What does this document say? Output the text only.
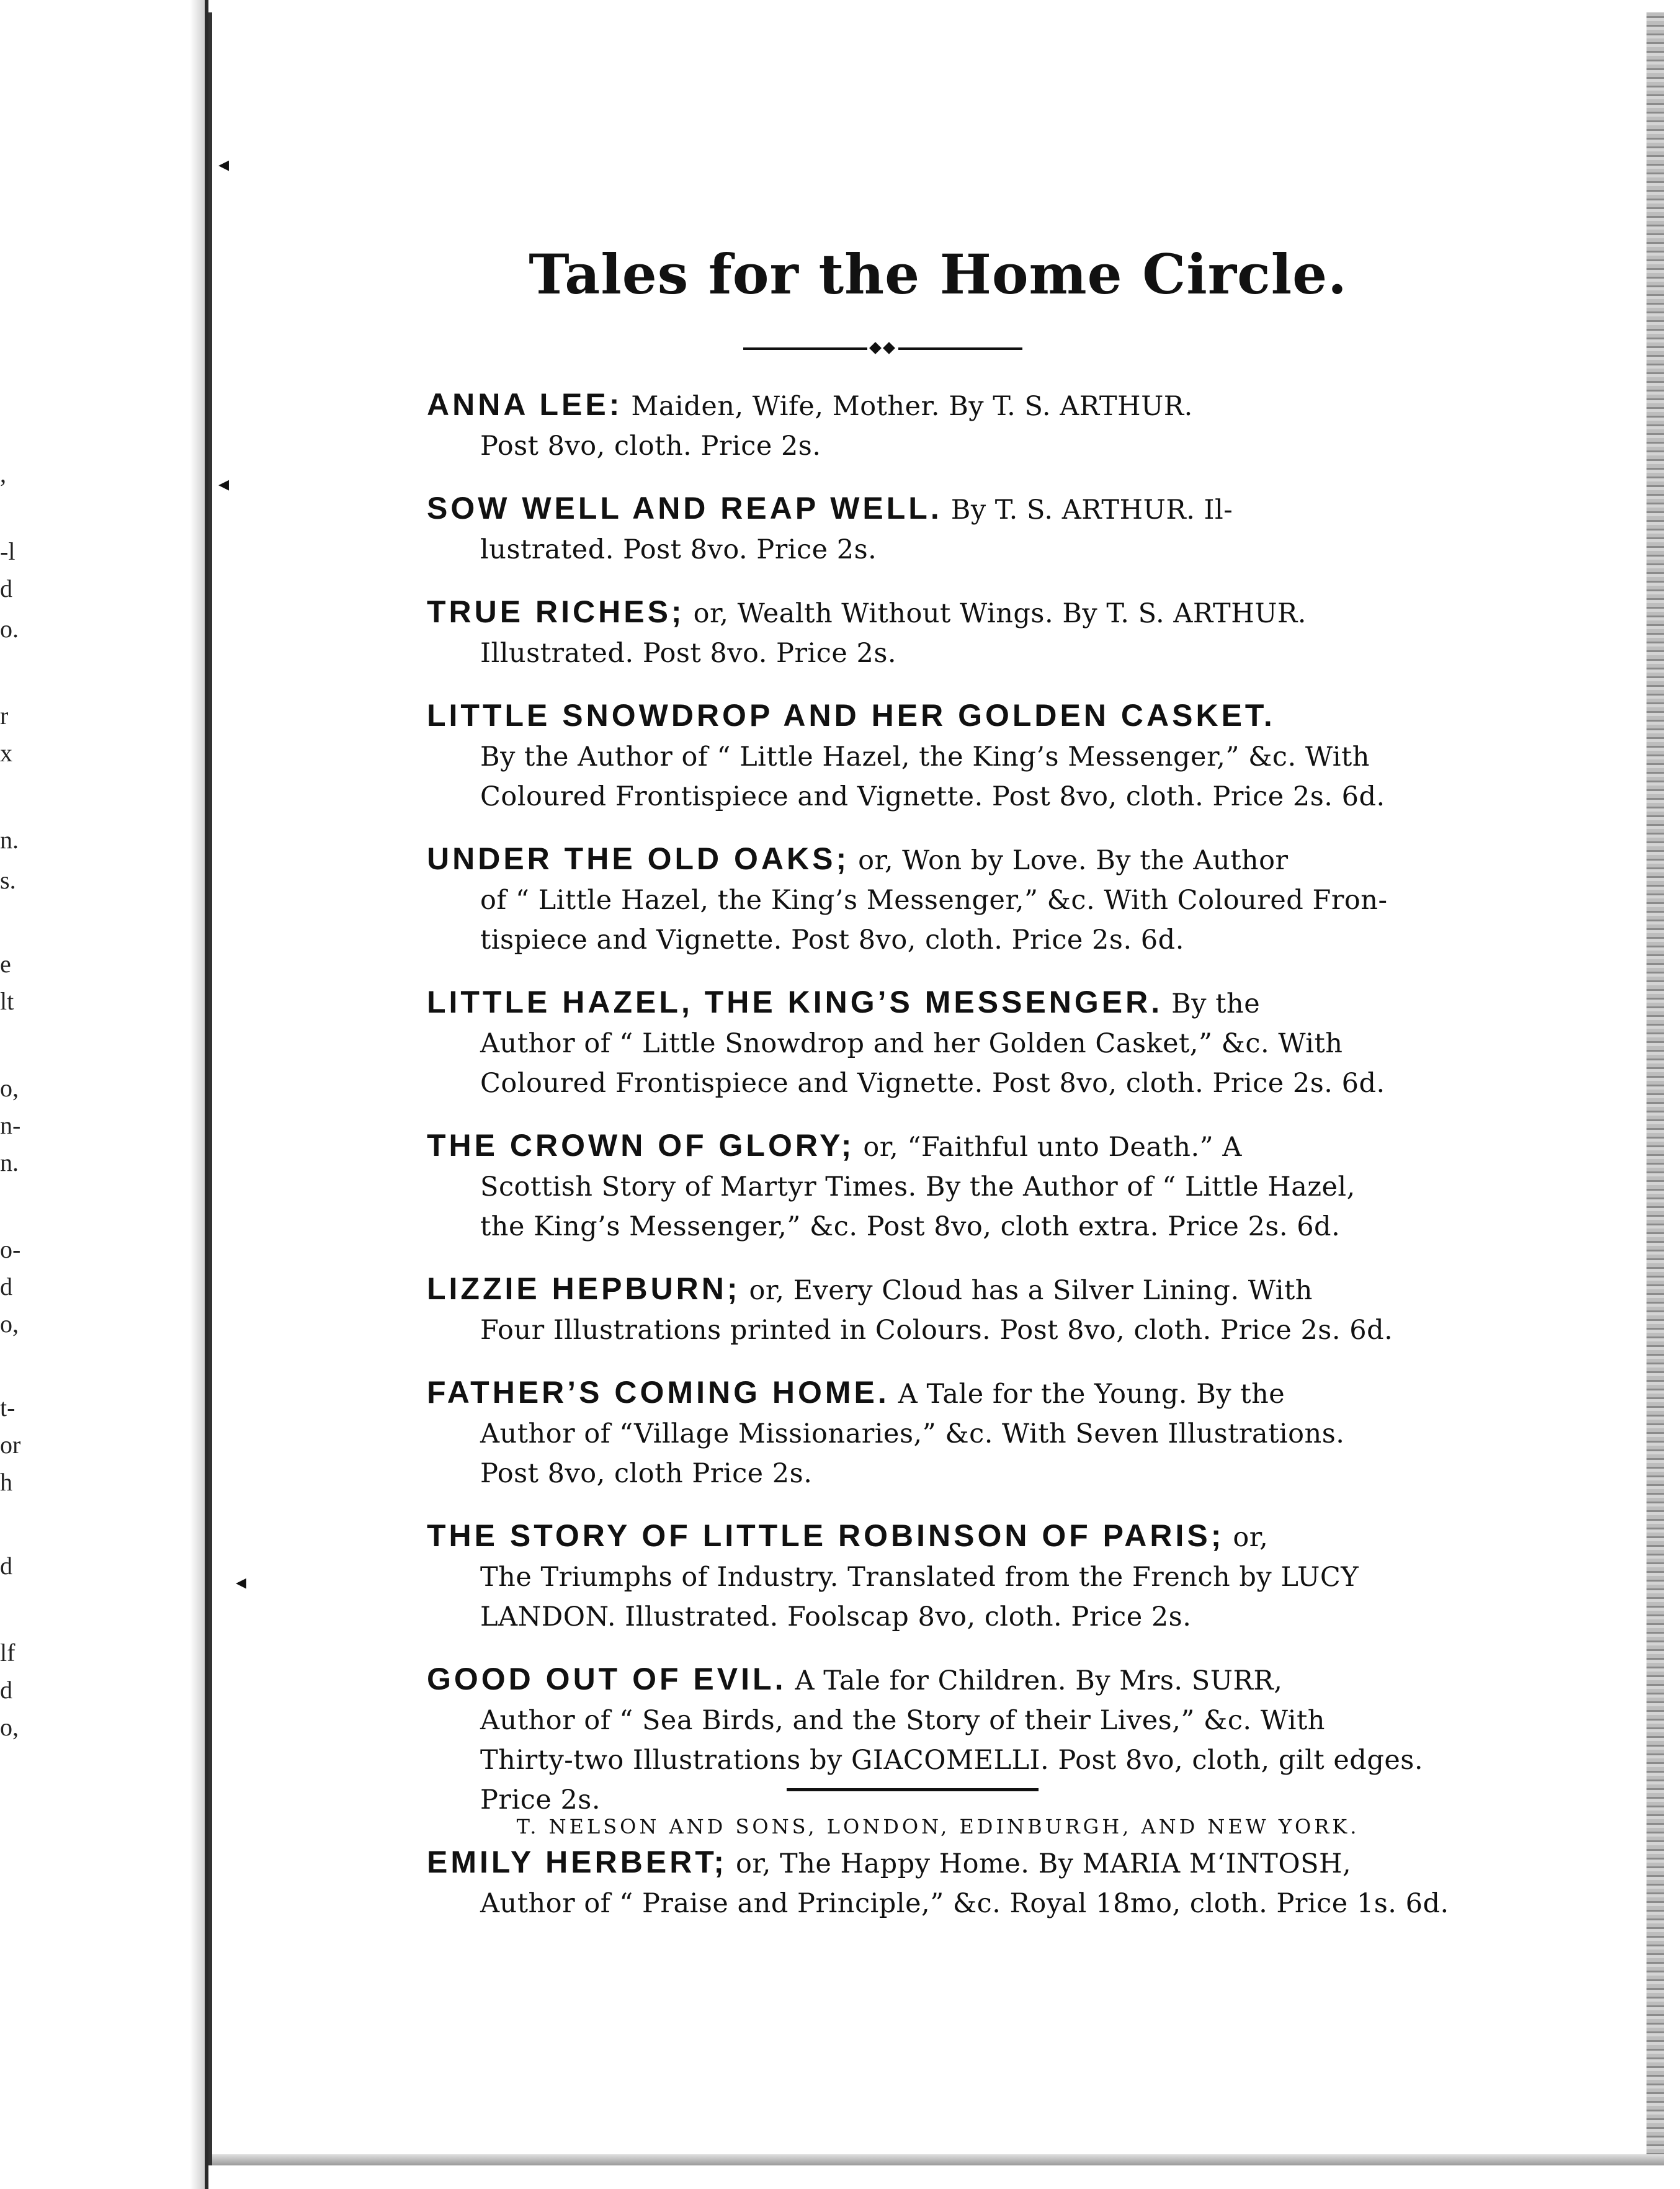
,
-l
d
o.
r
x
n.
s.
e
lt
o,
n-
n.
o-
d
o,
t-
or
h
d
lf
d
o,
◂
◂
◂
Tales for the Home Circle.
ANNA LEE: Maiden, Wife, Mother. By T. S. ARTHUR.
Post 8vo, cloth. Price 2s.
SOW WELL AND REAP WELL. By T. S. ARTHUR. Il-
lustrated. Post 8vo. Price 2s.
TRUE RICHES; or, Wealth Without Wings. By T. S. ARTHUR.
Illustrated. Post 8vo. Price 2s.
LITTLE SNOWDROP AND HER GOLDEN CASKET.
By the Author of “ Little Hazel, the King’s Messenger,” &c. With
Coloured Frontispiece and Vignette. Post 8vo, cloth. Price 2s. 6d.
UNDER THE OLD OAKS; or, Won by Love. By the Author
of “ Little Hazel, the King’s Messenger,” &c. With Coloured Fron-
tispiece and Vignette. Post 8vo, cloth. Price 2s. 6d.
LITTLE HAZEL, THE KING’S MESSENGER. By the
Author of “ Little Snowdrop and her Golden Casket,” &c. With
Coloured Frontispiece and Vignette. Post 8vo, cloth. Price 2s. 6d.
THE CROWN OF GLORY; or, “Faithful unto Death.” A
Scottish Story of Martyr Times. By the Author of “ Little Hazel,
the King’s Messenger,” &c. Post 8vo, cloth extra. Price 2s. 6d.
LIZZIE HEPBURN; or, Every Cloud has a Silver Lining. With
Four Illustrations printed in Colours. Post 8vo, cloth. Price 2s. 6d.
FATHER’S COMING HOME. A Tale for the Young. By the
Author of “Village Missionaries,” &c. With Seven Illustrations.
Post 8vo, cloth Price 2s.
THE STORY OF LITTLE ROBINSON OF PARIS; or,
The Triumphs of Industry. Translated from the French by LUCY
LANDON. Illustrated. Foolscap 8vo, cloth. Price 2s.
GOOD OUT OF EVIL. A Tale for Children. By Mrs. SURR,
Author of “ Sea Birds, and the Story of their Lives,” &c. With
Thirty-two Illustrations by GIACOMELLI. Post 8vo, cloth, gilt edges.
Price 2s.
EMILY HERBERT; or, The Happy Home. By MARIA M‘INTOSH,
Author of “ Praise and Principle,” &c. Royal 18mo, cloth. Price 1s. 6d.
T. NELSON AND SONS, LONDON, EDINBURGH, AND NEW YORK.
